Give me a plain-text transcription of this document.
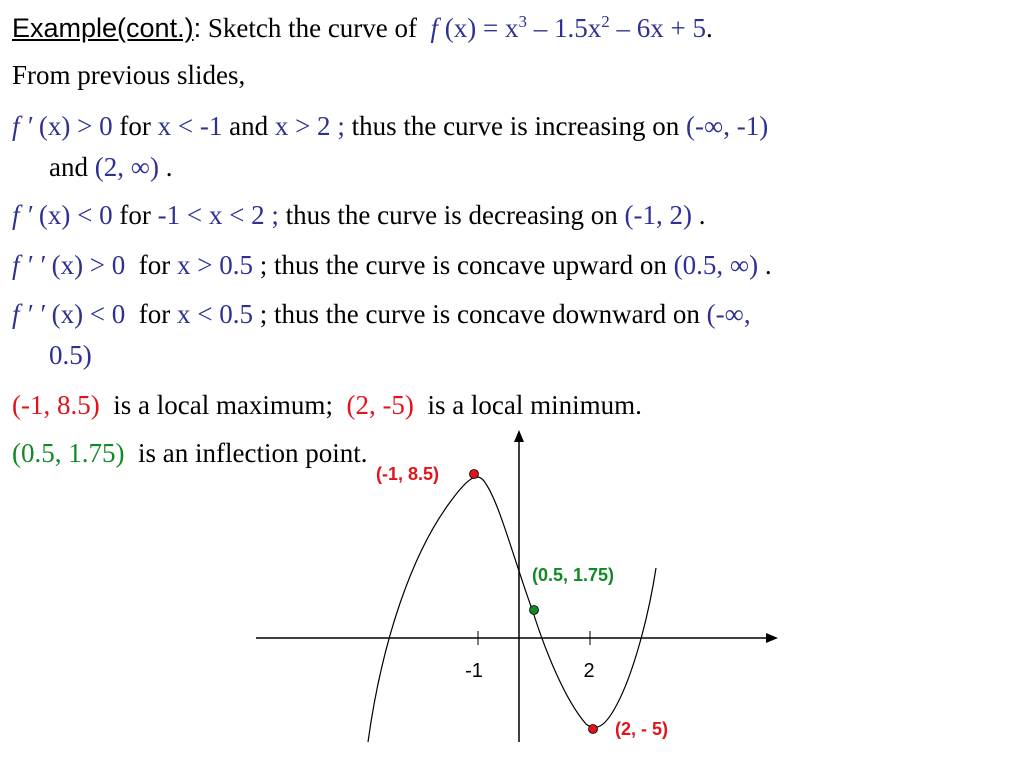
Example(cont.): Sketch the curve of f $(x) = x^3 - 1.5x^2 - 6x + 5$.
From previous slides,
f ′ (x) > 0 for x < -1 and x > 2 ; thus the curve is increasing on (-∞, -1)
and (2, ∞) .
f ′ (x) < 0 for -1 < x < 2 ; thus the curve is decreasing on (-1, 2) .
f ′ ′ (x) > 0 for x > 0.5 ; thus the curve is concave upward on (0.5, ∞) .
f ′ ′ (x) < 0 for x < 0.5 ; thus the curve is concave downward on (-∞,
0.5)
(-1, 8.5) is a local maximum; (2, -5) is a local minimum.
(0.5, 1.75) is an inflection point.
-1	2
(-1, 8.5)
(0.5, 1.75)
(2, - 5)
